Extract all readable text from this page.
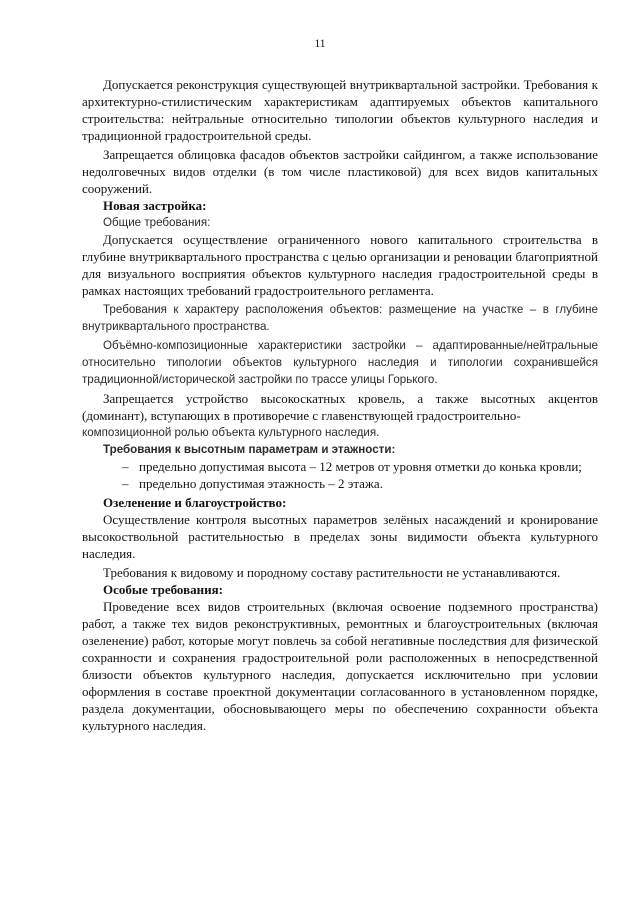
11

Допускается реконструкция существующей внутриквартальной застройки. Требования к архитектурно-стилистическим характеристикам адаптируемых объектов капитального строительства: нейтральные относительно типологии объектов культурного наследия и традиционной градостроительной среды.

Запрещается облицовка фасадов объектов застройки сайдингом, а также использование недолговечных видов отделки (в том числе пластиковой) для всех видов капитальных сооружений.

Новая застройка:

Общие требования:

Допускается осуществление ограниченного нового капитального строительства в глубине внутриквартального пространства с целью организации и реновации благоприятной для визуального восприятия объектов культурного наследия градостроительной среды в рамках настоящих требований градостроительного регламента.

Требования к характеру расположения объектов: размещение на участке – в глубине внутриквартального пространства.

Объёмно-композиционные характеристики застройки – адаптированные/нейтральные относительно типологии объектов культурного наследия и типологии сохранившейся традиционной/исторической застройки по трассе улицы Горького.

Запрещается устройство высокоскатных кровель, а также высотных акцентов (доминант), вступающих в противоречие с главенствующей градостроительно-

композиционной ролью объекта культурного наследия.

Требования к высотным параметрам и этажности:

– предельно допустимая высота – 12 метров от уровня отметки до конька кровли;
– предельно допустимая этажность – 2 этажа.

Озеленение и благоустройство:

Осуществление контроля высотных параметров зелёных насаждений и кронирование высокоствольной растительностью в пределах зоны видимости объекта культурного наследия.

Требования к видовому и породному составу растительности не устанавливаются.

Особые требования:

Проведение всех видов строительных (включая освоение подземного пространства) работ, а также тех видов реконструктивных, ремонтных и благоустроительных (включая озеленение) работ, которые могут повлечь за собой негативные последствия для физической сохранности и сохранения градостроительной роли расположенных в непосредственной близости объектов культурного наследия, допускается исключительно при условии оформления в составе проектной документации согласованного в установленном порядке, раздела документации, обосновывающего меры по обеспечению сохранности объекта культурного наследия.
